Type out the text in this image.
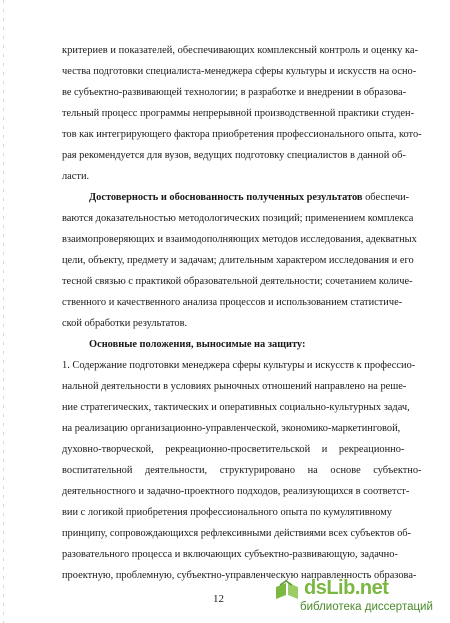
критериев и показателей, обеспечивающих комплексный контроль и оценку ка-
чества подготовки специалиста-менеджера сферы культуры и искусств на осно-
ве субъектно-развивающей технологии; в разработке и внедрении в образова-
тельный процесс программы непрерывной производственной практики студен-
тов как интегрирующего фактора приобретения профессионального опыта, кото-
рая рекомендуется для вузов, ведущих подготовку специалистов в данной об-
ласти.
Достоверность и обоснованность полученных результатов обеспечи-
ваются доказательностью методологических позиций; применением комплекса
взаимопроверяющих и взаимодополняющих методов исследования, адекватных
цели, объекту, предмету и задачам; длительным характером исследования и его
тесной связью с практикой образовательной деятельности; сочетанием количе-
ственного и качественного анализа процессов и использованием статистиче-
ской обработки результатов.
Основные положения, выносимые на защиту:
1. Содержание подготовки менеджера сферы культуры и искусств к профессио-
нальной деятельности в условиях рыночных отношений направлено на реше-
ние стратегических, тактических и оперативных социально-культурных задач,
на реализацию организационно-управленческой, экономико-маркетинговой,
духовно-творческой, рекреационно-просветительской и рекреационно-
воспитательной деятельности, структурировано на основе субъектно-
деятельностного и задачно-проектного подходов, реализующихся в соответст-
вии с логикой приобретения профессионального опыта по кумулятивному
принципу, сопровождающихся рефлексивными действиями всех субъектов об-
разовательного процесса и включающих субъектно-развивающую, задачно-
проектную, проблемную, субъектно-управленческую направленность образова-
12	dsLib.net
библиотека диссертаций
